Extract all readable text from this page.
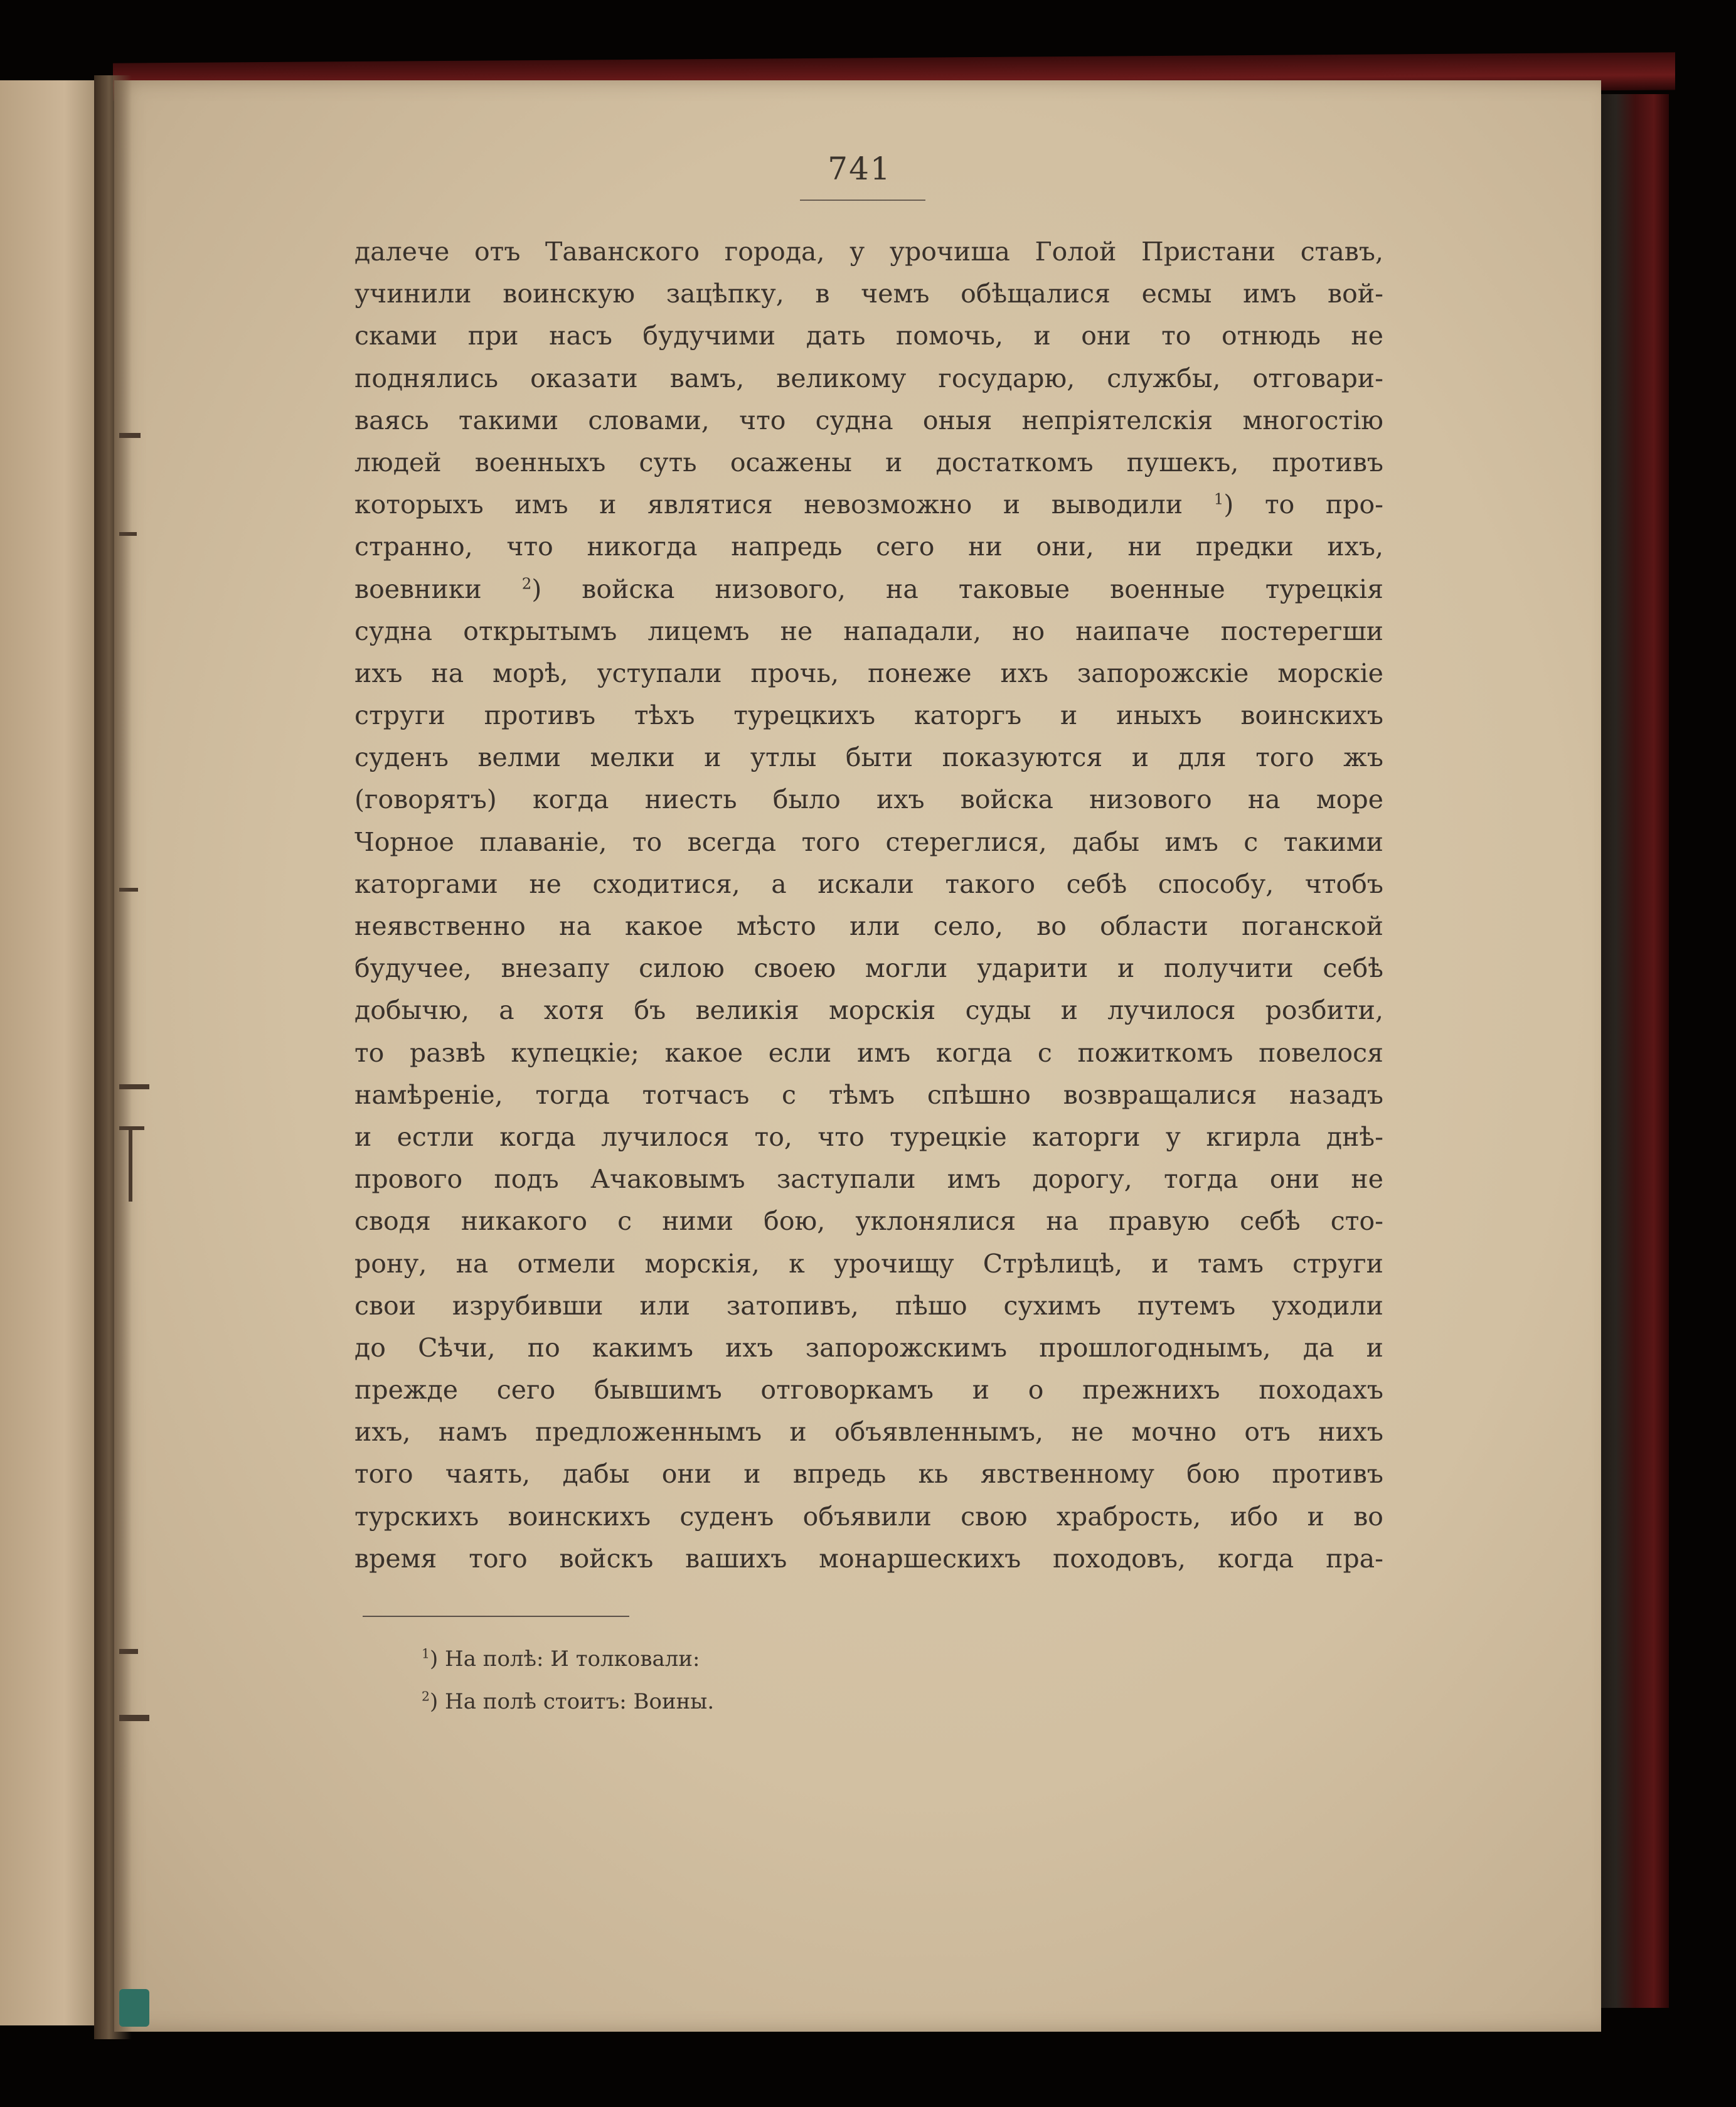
741
далече отъ Таванского города, у урочиша Голой Пристани ставъ,
учинили воинскую зацѣпку, в чемъ обѣщалися есмы имъ вой-
сками при насъ будучими дать помочь, и они то отнюдь не
поднялись оказати вамъ, великому государю, службы, отговари-
ваясь такими словами, что судна оныя непріятелскія многостію
людей военныхъ суть осажены и достаткомъ пушекъ, противъ
которыхъ имъ и являтися невозможно и выводили $^1$) то про-
странно, что никогда напредь сего ни они, ни предки ихъ,
воевники $^2$) войска низового, на таковые военные турецкія
судна открытымъ лицемъ не нападали, но наипаче постерегши
ихъ на морѣ, уступали прочь, понеже ихъ запорожскіе морскіе
струги противъ тѣхъ турецкихъ каторгъ и иныхъ воинскихъ
суденъ велми мелки и утлы быти показуются и для того жъ
(говорятъ) когда ниесть было ихъ войска низового на море
Чорное плаваніе, то всегда того стереглися, дабы имъ с такими
каторгами не сходитися, а искали такого себѣ способу, чтобъ
неявственно на какое мѣсто или село, во области поганской
будучее, внезапу силою своею могли ударити и получити себѣ
добычю, а хотя бъ великія морскія суды и лучилося розбити,
то развѣ купецкіе; какое если имъ когда с пожиткомъ повелося
намѣреніе, тогда тотчасъ с тѣмъ спѣшно возвращалися назадъ
и естли когда лучилося то, что турецкіе каторги у кгирла днѣ-
прового подъ Ачаковымъ заступали имъ дорогу, тогда они не
сводя никакого с ними бою, уклонялися на правую себѣ сто-
рону, на отмели морскія, к урочищу Стрѣлицѣ, и тамъ струги
свои изрубивши или затопивъ, пѣшо сухимъ путемъ уходили
до Сѣчи, по какимъ ихъ запорожскимъ прошлогоднымъ, да и
прежде сего бывшимъ отговоркамъ и о прежнихъ походахъ
ихъ, намъ предложеннымъ и объявленнымъ, не мочно отъ нихъ
того чаять, дабы они и впредь кь явственному бою противъ
турскихъ воинскихъ суденъ объявили свою храбрость, ибо и во
время того войскъ вашихъ монаршескихъ походовъ, когда пра-
$^1$) На полѣ: И толковали:
$^2$) На полѣ стоитъ: Воины.
